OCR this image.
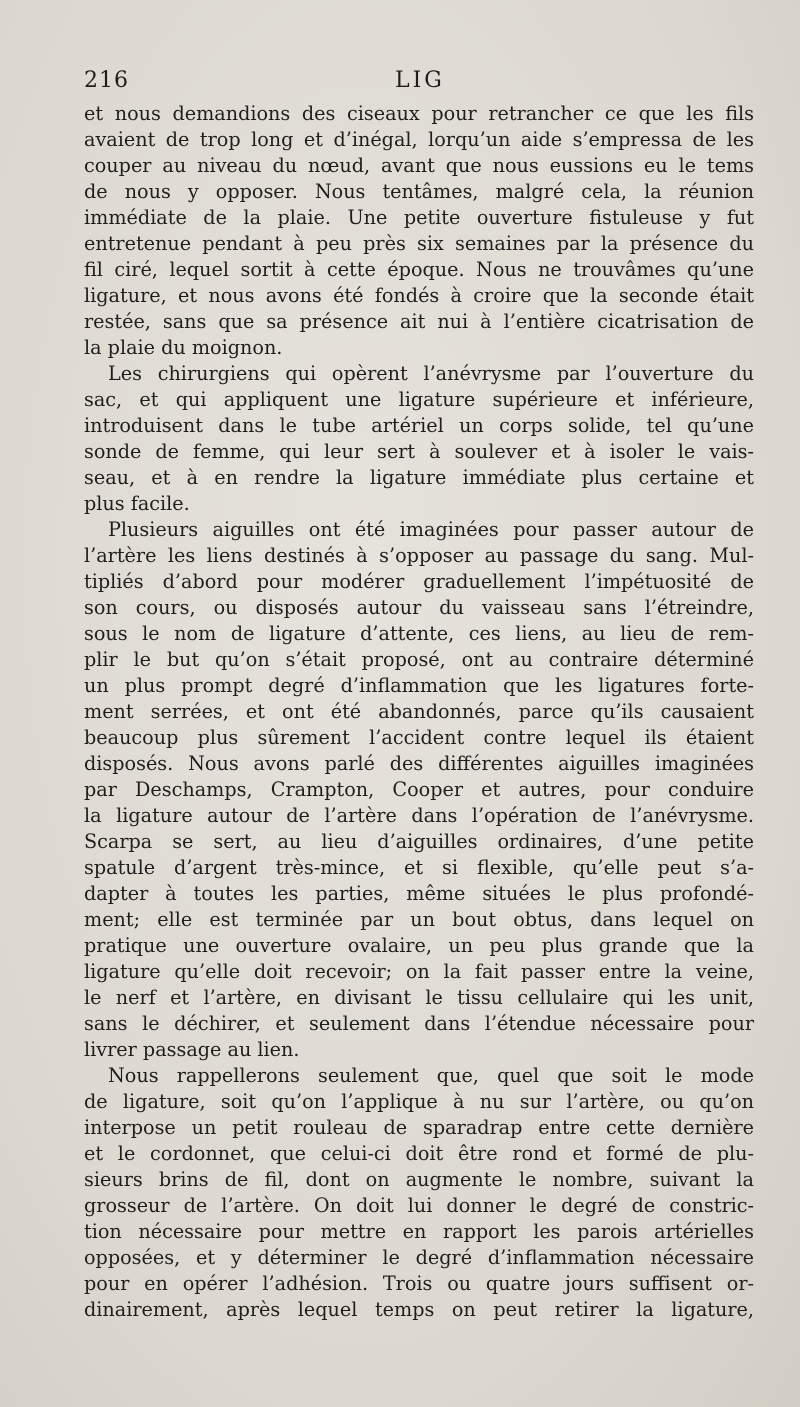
216	LIG
et nous demandions des ciseaux pour retrancher ce que les fils
avaient de trop long et d’inégal, lorqu’un aide s’empressa de les
couper au niveau du nœud, avant que nous eussions eu le tems
de nous y opposer. Nous tentâmes, malgré cela, la réunion
immédiate de la plaie. Une petite ouverture fistuleuse y fut
entretenue pendant à peu près six semaines par la présence du
fil ciré, lequel sortit à cette époque. Nous ne trouvâmes qu’une
ligature, et nous avons été fondés à croire que la seconde était
restée, sans que sa présence ait nui à l’entière cicatrisation de
la plaie du moignon.
Les chirurgiens qui opèrent l’anévrysme par l’ouverture du
sac, et qui appliquent une ligature supérieure et inférieure,
introduisent dans le tube artériel un corps solide, tel qu’une
sonde de femme, qui leur sert à soulever et à isoler le vais-
seau, et à en rendre la ligature immédiate plus certaine et
plus facile.
Plusieurs aiguilles ont été imaginées pour passer autour de
l’artère les liens destinés à s’opposer au passage du sang. Mul-
tipliés d’abord pour modérer graduellement l’impétuosité de
son cours, ou disposés autour du vaisseau sans l’étreindre,
sous le nom de ligature d’attente, ces liens, au lieu de rem-
plir le but qu’on s’était proposé, ont au contraire déterminé
un plus prompt degré d’inflammation que les ligatures forte-
ment serrées, et ont été abandonnés, parce qu’ils causaient
beaucoup plus sûrement l’accident contre lequel ils étaient
disposés. Nous avons parlé des différentes aiguilles imaginées
par Deschamps, Crampton, Cooper et autres, pour conduire
la ligature autour de l’artère dans l’opération de l’anévrysme.
Scarpa se sert, au lieu d’aiguilles ordinaires, d’une petite
spatule d’argent très-mince, et si flexible, qu’elle peut s’a-
dapter à toutes les parties, même situées le plus profondé-
ment; elle est terminée par un bout obtus, dans lequel on
pratique une ouverture ovalaire, un peu plus grande que la
ligature qu’elle doit recevoir; on la fait passer entre la veine,
le nerf et l’artère, en divisant le tissu cellulaire qui les unit,
sans le déchirer, et seulement dans l’étendue nécessaire pour
livrer passage au lien.
Nous rappellerons seulement que, quel que soit le mode
de ligature, soit qu’on l’applique à nu sur l’artère, ou qu’on
interpose un petit rouleau de sparadrap entre cette dernière
et le cordonnet, que celui-ci doit être rond et formé de plu-
sieurs brins de fil, dont on augmente le nombre, suivant la
grosseur de l’artère. On doit lui donner le degré de constric-
tion nécessaire pour mettre en rapport les parois artérielles
opposées, et y déterminer le degré d’inflammation nécessaire
pour en opérer l’adhésion. Trois ou quatre jours suffisent or-
dinairement, après lequel temps on peut retirer la ligature,
